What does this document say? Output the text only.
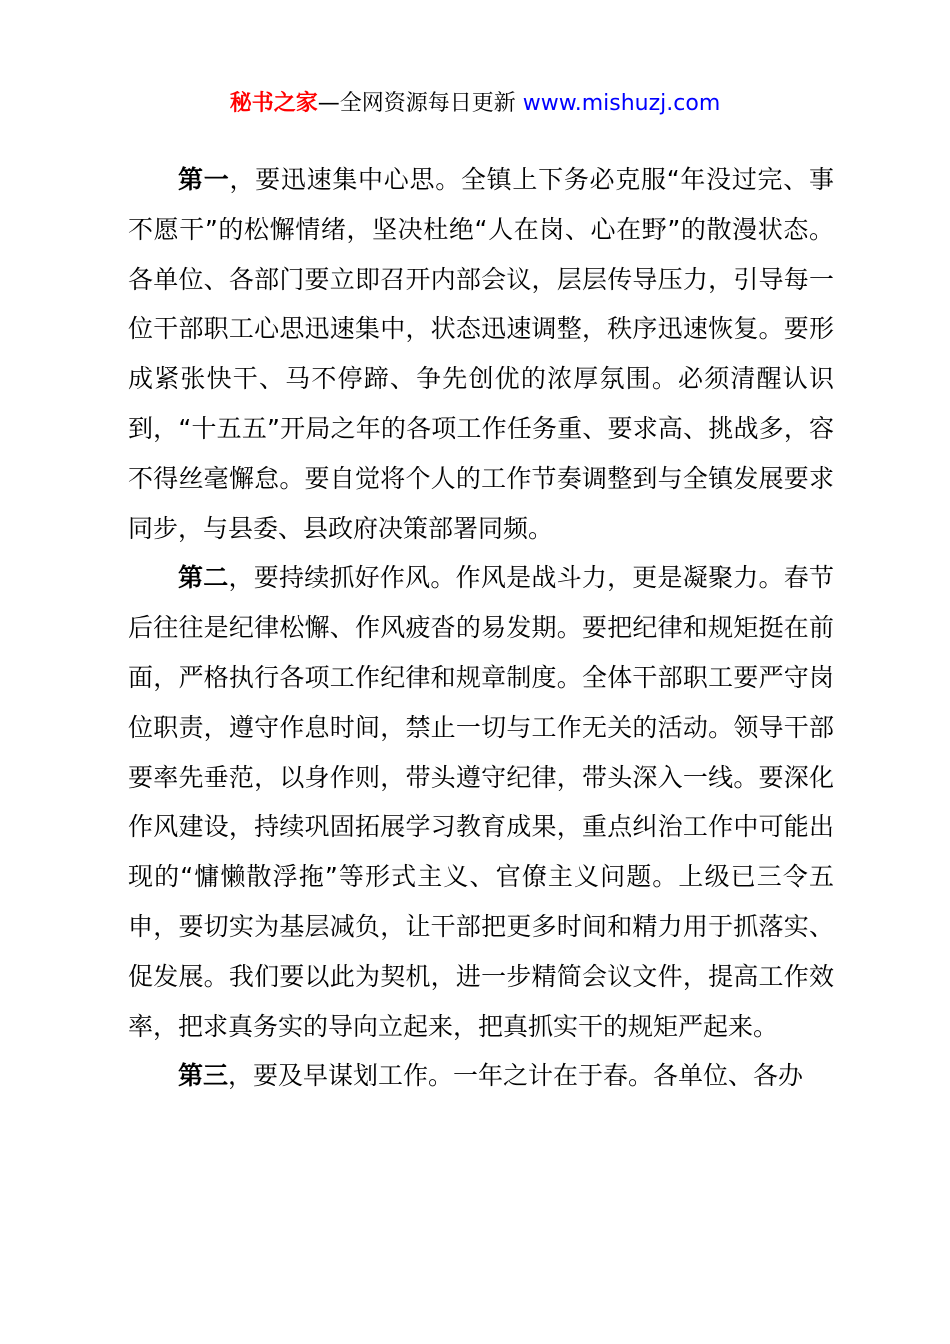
秘书之家—全网资源每日更新 www.mishuzj.com

第一，要迅速集中心思。全镇上下务必克服“年没过完、事不愿干”的松懈情绪，坚决杜绝“人在岗、心在野”的散漫状态。各单位、各部门要立即召开内部会议，层层传导压力，引导每一位干部职工心思迅速集中，状态迅速调整，秩序迅速恢复。要形成紧张快干、马不停蹄、争先创优的浓厚氛围。必须清醒认识到，“十五五”开局之年的各项工作任务重、要求高、挑战多，容不得丝毫懈怠。要自觉将个人的工作节奏调整到与全镇发展要求同步，与县委、县政府决策部署同频。

第二，要持续抓好作风。作风是战斗力，更是凝聚力。春节后往往是纪律松懈、作风疲沓的易发期。要把纪律和规矩挺在前面，严格执行各项工作纪律和规章制度。全体干部职工要严守岗位职责，遵守作息时间，禁止一切与工作无关的活动。领导干部要率先垂范，以身作则，带头遵守纪律，带头深入一线。要深化作风建设，持续巩固拓展学习教育成果，重点纠治工作中可能出现的“慵懒散浮拖”等形式主义、官僚主义问题。上级已三令五申，要切实为基层减负，让干部把更多时间和精力用于抓落实、促发展。我们要以此为契机，进一步精简会议文件，提高工作效率，把求真务实的导向立起来，把真抓实干的规矩严起来。

第三，要及早谋划工作。一年之计在于春。各单位、各办
